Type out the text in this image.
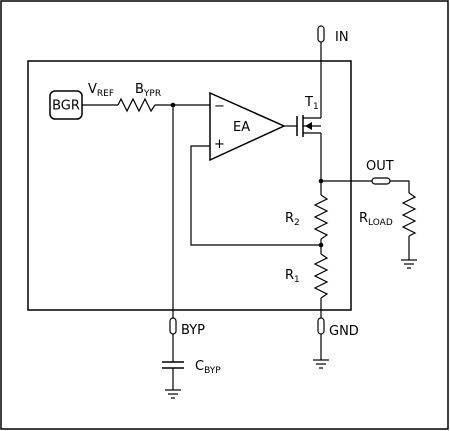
BGR
$V_{REF}$ $B_{YPR}$
EA
−
+
$T_1$
IN
OUT
$R_{LOAD}$
$R_2$
$R_1$
GND
BYP
$C_{BYP}$
